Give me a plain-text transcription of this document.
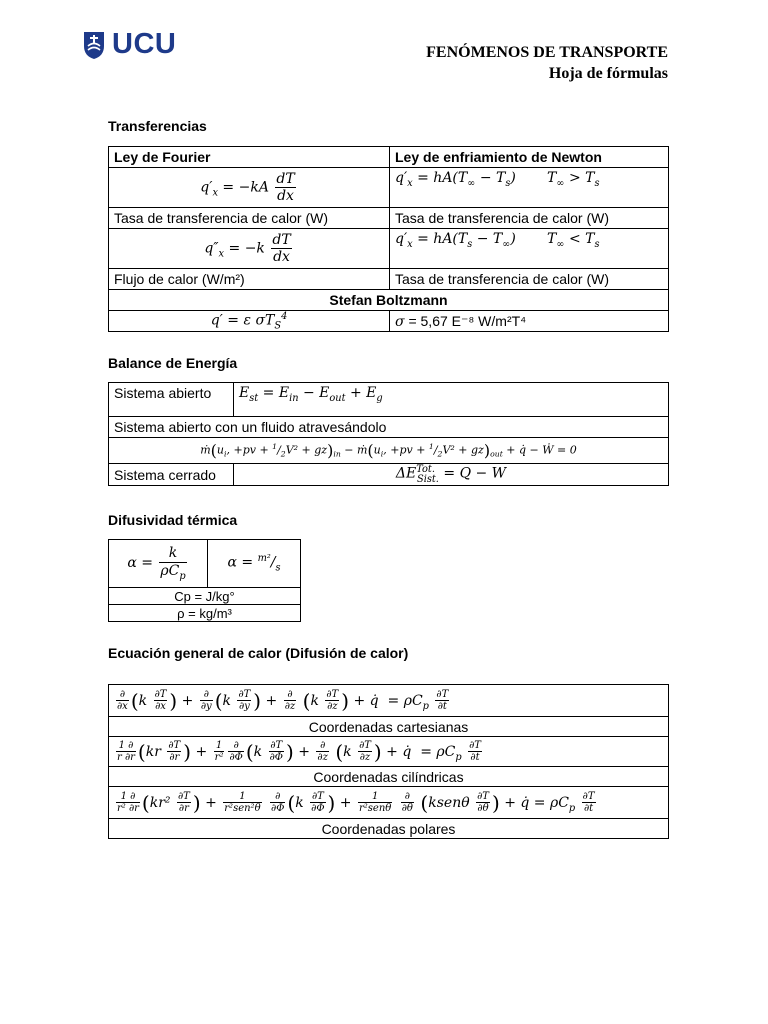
UCU	FENÓMENOS DE TRANSPORTE
Hoja de fórmulas
Transferencias
Ley de Fourier	Ley de enfriamiento de Newton
$q'_x = -kA \frac{dT}{dx}$	$q'_x = hA(T_\infty - T_s)$       $T_\infty > T_s$
Tasa de transferencia de calor (W)	Tasa de transferencia de calor (W)
$q''_x = -k \frac{dT}{dx}$	$q'_x = hA(T_s - T_\infty)$       $T_\infty < T_s$
Flujo de calor (W/m²)	Tasa de transferencia de calor (W)
Stefan Boltzmann	
q′ = ε $\sigma T_S^4$	σ = 5,67 E⁻⁸ W/m²T⁴
Balance de Energía
Sistema abierto	$E_{st} = E_{in} - E_{out} + E_g$
Sistema abierto con un fluido atravesándolo	
$ṁ(u_i$, $+pv + ^1/_2V^2 + gz)_{in}$ − $ṁ(u_i$, $+pv + ^1/_2V^2 + gz)_{out}$ + q̇ − Ẇ = 0	
Sistema cerrado	$\Delta E^{Tot.}_{Sist.} = Q - W$
Difusividad térmica
$\alpha = \frac{k}{\rho C_p}$	$\alpha = ^{m^2}/_s$
Cp = J/kg°
ρ = kg/m³
Ecuación general de calor (Difusión de calor)
$\frac{\partial}{\partial x} (k \frac{\partial T}{\partial x}$ ) + $\frac{\partial}{\partial y} (k \frac{\partial T}{\partial y}$ ) + $\frac{\partial}{\partial z} (k \frac{\partial T}{\partial z}$ ) + q̇  = $\rho C_p \frac{\partial T}{\partial t}$

Coordenadas cartesianas

$\frac{1 \partial}{r \partial r} (kr \frac{\partial T}{\partial r}$ ) + $\frac{1}{\text{r²}} \frac{\partial}{\partial\Phi} (k \frac{\partial T}{\partial\Phi}$ ) + $\frac{\partial}{\partial z} (k \frac{\partial T}{\partial z}$ ) + q̇  = $\rho C_p \frac{\partial T}{\partial t}$

Coordenadas cilíndricas

$\frac{1 \partial}{\text{r² ∂r}} (kr^2 \frac{\partial T}{\partial r}$ ) + $\frac{1}{\text{r²sen²θ}}$
$\frac{\partial}{\partial\Phi} (k \frac{\partial T}{\partial\Phi}$ ) + $\frac{1}{\text{r²senθ}}$
$\frac{\partial}{\partial\theta}$ (ksenθ $\frac{\partial T}{\partial\theta}$ ) + q̇ = $\rho C_p \frac{\partial T}{\partial t}$

Coordenadas polares
